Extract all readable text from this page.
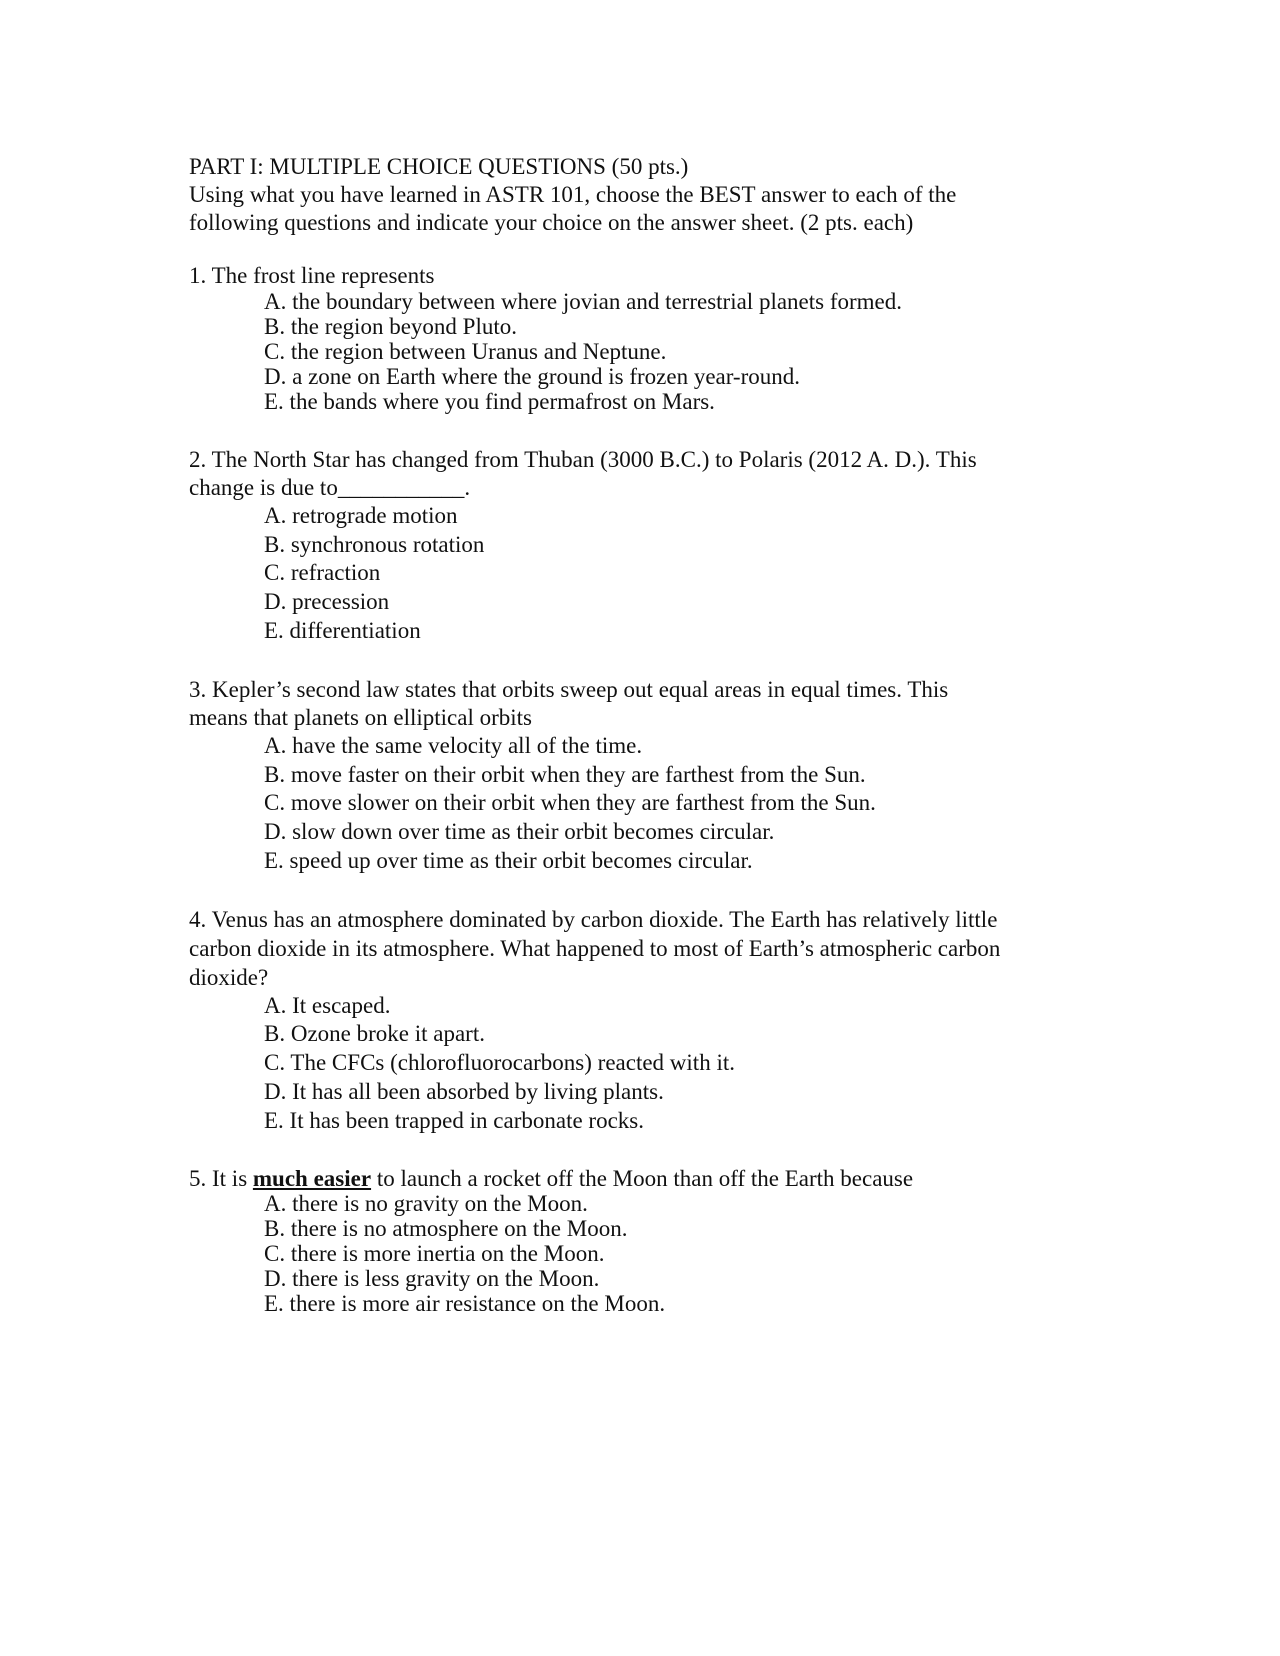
PART I: MULTIPLE CHOICE QUESTIONS (50 pts.)
Using what you have learned in ASTR 101, choose the BEST answer to each of the
following questions and indicate your choice on the answer sheet. (2 pts. each)
1. The frost line represents
A. the boundary between where jovian and terrestrial planets formed.
B. the region beyond Pluto.
C. the region between Uranus and Neptune.
D. a zone on Earth where the ground is frozen year-round.
E. the bands where you find permafrost on Mars.
2. The North Star has changed from Thuban (3000 B.C.) to Polaris (2012 A. D.). This
change is due to___________.
A. retrograde motion
B. synchronous rotation
C. refraction
D. precession
E. differentiation
3. Kepler’s second law states that orbits sweep out equal areas in equal times. This
means that planets on elliptical orbits
A. have the same velocity all of the time.
B. move faster on their orbit when they are farthest from the Sun.
C. move slower on their orbit when they are farthest from the Sun.
D. slow down over time as their orbit becomes circular.
E. speed up over time as their orbit becomes circular.
4. Venus has an atmosphere dominated by carbon dioxide. The Earth has relatively little
carbon dioxide in its atmosphere. What happened to most of Earth’s atmospheric carbon
dioxide?
A. It escaped.
B. Ozone broke it apart.
C. The CFCs (chlorofluorocarbons) reacted with it.
D. It has all been absorbed by living plants.
E. It has been trapped in carbonate rocks.
5. It is much easier to launch a rocket off the Moon than off the Earth because
A. there is no gravity on the Moon.
B. there is no atmosphere on the Moon.
C. there is more inertia on the Moon.
D. there is less gravity on the Moon.
E. there is more air resistance on the Moon.
